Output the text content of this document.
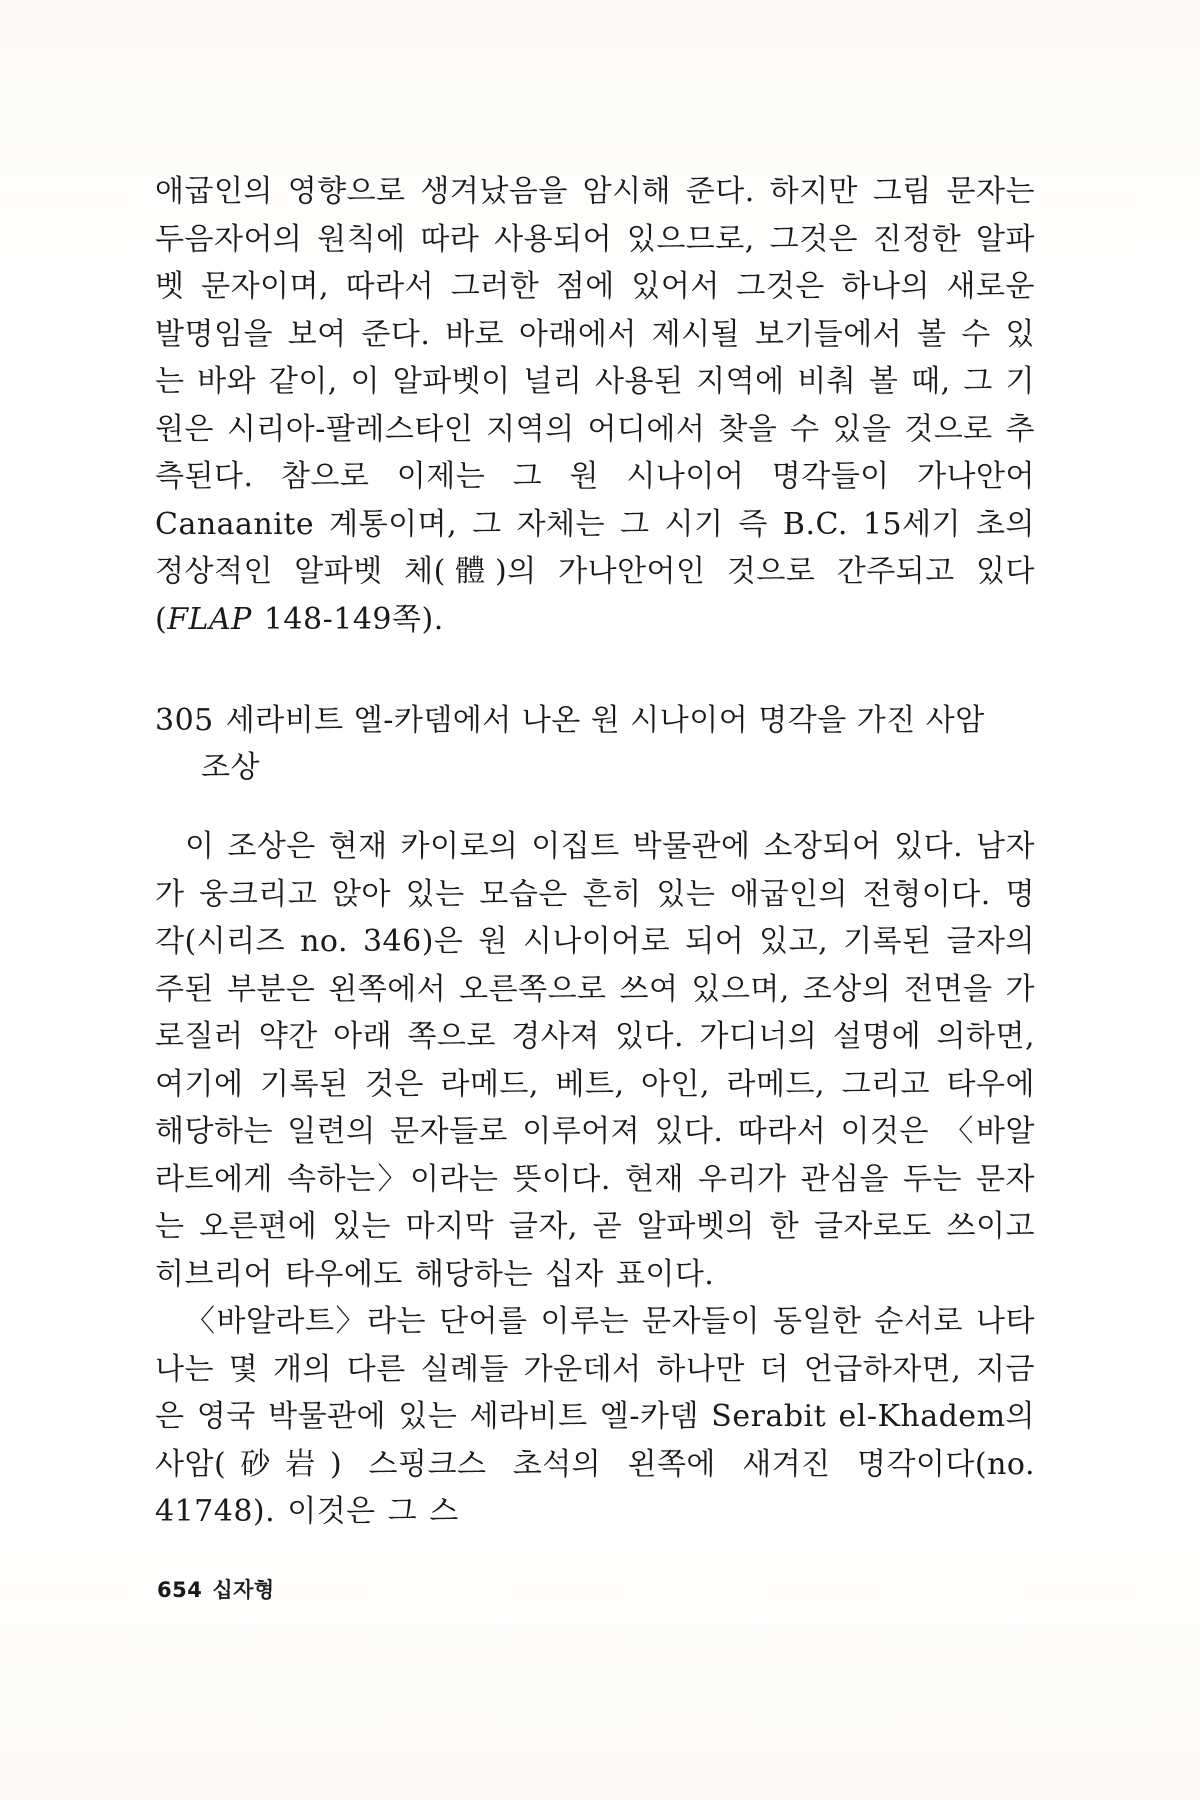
애굽인의 영향으로 생겨났음을 암시해 준다. 하지만 그림 문자는 두음자어의 원칙에 따라 사용되어 있으므로, 그것은 진정한 알파벳 문자이며, 따라서 그러한 점에 있어서 그것은 하나의 새로운 발명임을 보여 준다. 바로 아래에서 제시될 보기들에서 볼 수 있는 바와 같이, 이 알파벳이 널리 사용된 지역에 비춰 볼 때, 그 기원은 시리아-팔레스타인 지역의 어디에서 찾을 수 있을 것으로 추측된다. 참으로 이제는 그 원 시나이어 명각들이 가나안어 Canaanite 계통이며, 그 자체는 그 시기 즉 B.C. 15세기 초의 정상적인 알파벳 체(體)의 가나안어인 것으로 간주되고 있다(FLAP 148-149쪽).

305 세라비트 엘-카뎀에서 나온 원 시나이어 명각을 가진 사암
조상

이 조상은 현재 카이로의 이집트 박물관에 소장되어 있다. 남자가 웅크리고 앉아 있는 모습은 흔히 있는 애굽인의 전형이다. 명각(시리즈 no. 346)은 원 시나이어로 되어 있고, 기록된 글자의 주된 부분은 왼쪽에서 오른쪽으로 쓰여 있으며, 조상의 전면을 가로질러 약간 아래 쪽으로 경사져 있다. 가디너의 설명에 의하면, 여기에 기록된 것은 라메드, 베트, 아인, 라메드, 그리고 타우에 해당하는 일련의 문자들로 이루어져 있다. 따라서 이것은 〈바알라트에게 속하는〉이라는 뜻이다. 현재 우리가 관심을 두는 문자는 오른편에 있는 마지막 글자, 곧 알파벳의 한 글자로도 쓰이고 히브리어 타우에도 해당하는 십자 표이다.

〈바알라트〉라는 단어를 이루는 문자들이 동일한 순서로 나타나는 몇 개의 다른 실례들 가운데서 하나만 더 언급하자면, 지금은 영국 박물관에 있는 세라비트 엘-카뎀 Serabit el-Khadem의 사암(砂岩) 스핑크스 초석의 왼쪽에 새겨진 명각이다(no. 41748). 이것은 그 스

654 십자형
